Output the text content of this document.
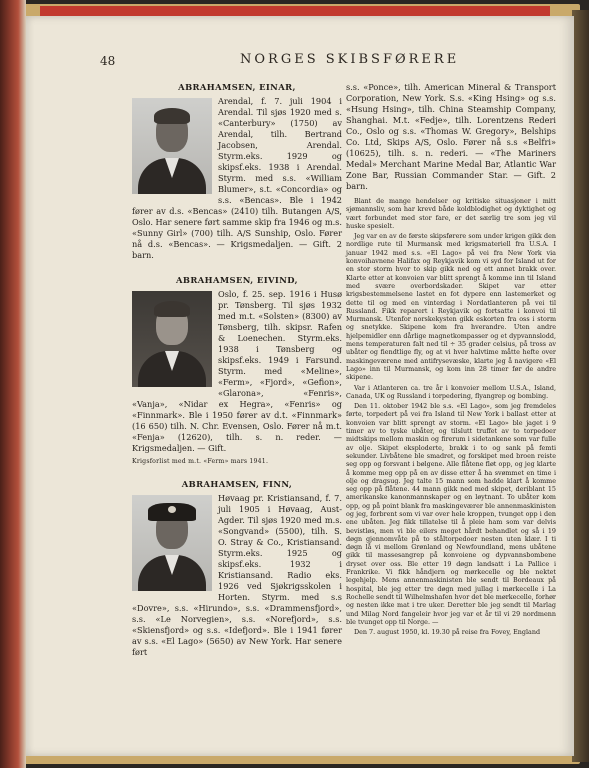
48	NORGES SKIBSFØRERE

ABRAHAMSEN, EINAR,

Arendal, f. 7. juli 1904 i Arendal. Til sjøs 1920 med s. «Canterbury» (1750) av Arendal, tilh. Bertrand Jacobsen, Arendal. Styrm.eks. 1929 og skipsf.eks. 1938 i Arendal. Styrm. med s.s. «William Blumer», s.t. «Concordia» og s.s. «Bencas». Ble i 1942 fører av d.s. «Bencas» (2410) tilh. Butangen A/S, Oslo. Har senere ført samme skip fra 1946 og m.s. «Sunny Girl» (700) tilh. A/S Sunship, Oslo. Fører nå d.s. «Bencas». — Krigsmedaljen. — Gift. 2 barn.

ABRAHAMSEN, EIVIND,

Oslo, f. 25. sep. 1916 i Husø pr. Tønsberg. Til sjøs 1932 med m.t. «Solsten» (8300) av Tønsberg, tilh. skipsr. Rafen & Loenechen. Styrm.eks. 1938 i Tønsberg og skipsf.eks. 1949 i Farsund. Styrm. med «Meline», «Ferm», «Fjord», «Gefion», «Glarona», «Fenris», «Vanja», «Nidar ex Hegra», «Fenris» og «Finnmark». Ble i 1950 fører av d.t. «Finnmark» (16 650) tilh. N. Chr. Evensen, Oslo. Fører nå m.t. «Fenja» (12620), tilh. s. n. reder. — Krigsmedaljen. — Gift.

Krigsforlist med m.t. «Ferm» mars 1941.

ABRAHAMSEN, FINN,

Høvaag pr. Kristiansand, f. 7. juli 1905 i Høvaag, Aust-Agder. Til sjøs 1920 med m.s. «Songvand» (5500), tilh. S. O. Stray & Co., Kristiansand. Styrm.eks. 1925 og skipsf.eks. 1932 i Kristiansand. Radio eks. 1926 ved Sjøkrigsskolen i Horten. Styrm. med s.s «Dovre», s.s. «Hirundo», s.s. «Drammensfjord», s.s. «Le Norvegien», s.s. «Norefjord», s.s. «Skiensfjord» og s.s. «Idefjord». Ble i 1941 fører av s.s. «El Lago» (5650) av New York. Har senere ført

s.s. «Ponce», tilh. American Mineral & Transport Corporation, New York. S.s. «King Hsing» og s.s. «Hsung Hsing», tilh. China Steamship Company, Shanghai. M.t. «Fedje», tilh. Lorentzens Rederi Co., Oslo og s.s. «Thomas W. Gregory», Belships Co. Ltd, Skips A/S, Oslo. Fører nå s.s «Belfri» (10625), tilh. s. n. rederi. — «The Mariners Medal» Merchant Marine Medal Bar, Atlantic War Zone Bar, Russian Commander Star. — Gift. 2 barn.

Blant de mange hendelser og kritiske situasjoner i mitt sjømannsliv, som har krevd både koldblodighet og dyktighet og vært forbundet med stor fare, er det særlig tre som jeg vil huske spesielt.

Jeg var en av de første skipsførere som under krigen gikk den nordlige rute til Murmansk med krigsmateriell fra U.S.A. I januar 1942 med s.s. «El Lago» på vei fra New York via konvoihavnene Halifax og Reykjavik kom vi syd for Island ut for en stor storm hvor to skip gikk ned og ett annet brakk over. Klarte etter at konvoien var blitt sprengt å komme inn til Island med svære overbordskader. Skipet var etter krigsbestemmelsene lastet en fot dypere enn lastemerket og dette til og med en vinterdag i Nordatlanteren på vei til Russland. Fikk reparert i Reykjavik og fortsatte i konvoi til Murmansk. Utenfor norskekysten gikk eskorten fra oss i storm og snetykke. Skipene kom fra hverandre. Uten andre hjelpemidler enn dårlige magnetkompasser og et dypvannslodd, mens temperaturen falt ned til ÷ 35 grader celsius, på tross av ubåter og fiendtlige fly, og at vi hver halvtime måtte hefte over maskingeværene med antifrysevæske, klarte jeg å navigere «El Lago» inn til Murmansk, og kom inn 28 timer før de andre skipene.

Var i Atlanteren ca. tre år i konvoier mellom U.S.A., Island, Canada, UK og Russland i torpedering, flyangrep og bombing.

Den 11. oktober 1942 ble s.s. «El Lago», som jeg fremdeles førte, torpedert på vei fra Island til New York i ballast etter at konvoien var blitt sprengt av storm. «El Lago» ble jaget i 9 timer av to tyske ubåter, og tilslutt truffet av to torpedoer midtskips mellom maskin og firerum i sidetankene som var fulle av olje. Skipet eksploderte, brakk i to og sank på femti sekunder. Livbåtene ble smadret, og forskipet med broen reiste seg opp og forsvant i bølgene. Alle flåtene fløt opp, og jeg klarte å komme meg opp på en av disse etter å ha svømmet en time i olje og dragsug. Jeg talte 15 mann som hadde klart å komme seg opp på flåtene. 44 mann gikk ned med skipet, deriblant 15 amerikanske kanonmannskaper og en løytnant. To ubåter kom opp, og på point blank fra maskingeværer ble annenmaskinisten og jeg, forbrent som vi var over hele kroppen, tvunget opp i den ene ubåten. Jeg fikk tillatelse til å pleie ham som var delvis bevistløs, men vi ble eilers meget hårdt behandlet og så i 19 døgn gjennomvåte på to ståltorpedoer nesten uten klær. I ti døgn lå vi mellom Grønland og Newfoundland, mens ubåtene gikk til massesangrep på konvoiene og dypvannsbombene dryset over oss. Ble etter 19 døgn landsatt i La Pallice i Frankrike. Vi fikk håndjern og mørkecelle og ble nektet legehjelp. Mens annenmaskinisten ble sendt til Bordeaux på hospital, ble jeg etter tre døgn med jullag i mørkecelle i La Rochelle sendt til Wilhelmshafen hvor det ble mørkecelle, forhør og nesten ikke mat i tre uker. Deretter ble jeg sendt til Marlag und Milag Nord fangeleir hvor jeg var et år til vi 29 nordmenn ble tvunget opp til Norge. —

Den 7. august 1950, kl. 19.30 på reise fra Fovey, England
